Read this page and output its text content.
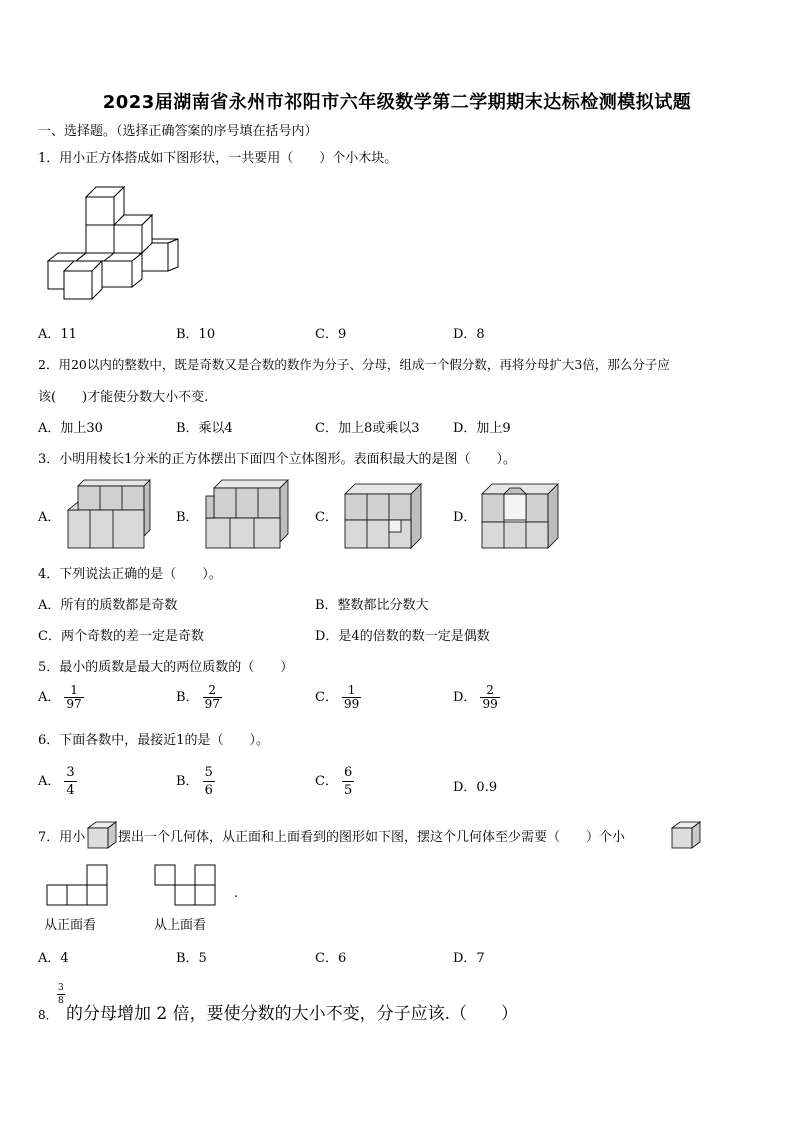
2023届湖南省永州市祁阳市六年级数学第二学期期末达标检测模拟试题
一、选择题。（选择正确答案的序号填在括号内）
1．用小正方体搭成如下图形状，一共要用（　　）个小木块。
A．11	B．10	C．9	D．8
2．用20以内的整数中，既是奇数又是合数的数作为分子、分母，组成一个假分数，再将分母扩大3倍，那么分子应
该(　　)才能使分数大小不变.
A．加上30	B．乘以4	C．加上8或乘以3	D．加上9
3．小明用棱长1分米的正方体摆出下面四个立体图形。表面积最大的是图（　　）。
A．	B．	C．	D．
4．下列说法正确的是（　　）。
A．所有的质数都是奇数	B．整数都比分数大
C．两个奇数的差一定是奇数	D．是4的倍数的数一定是偶数
5．最小的质数是最大的两位质数的（　　）
A． $\frac{1}{97}$	B． $\frac{2}{97}$	C． $\frac{1}{99}$	D． $\frac{2}{99}$
6．下面各数中，最接近1的是（　　）。
A． $\frac{3}{4}$	B． $\frac{5}{6}$	C． $\frac{6}{5}$	D．0.9
7．用小	摆出一个几何体，从正面和上面看到的图形如下图，摆这个几何体至少需要（　　）个小
.
从正面看	从上面看
A．4	B．5	C．6	D．7
8．
3
8
的分母增加 2 倍，要使分数的大小不变，分子应该.（　　）
